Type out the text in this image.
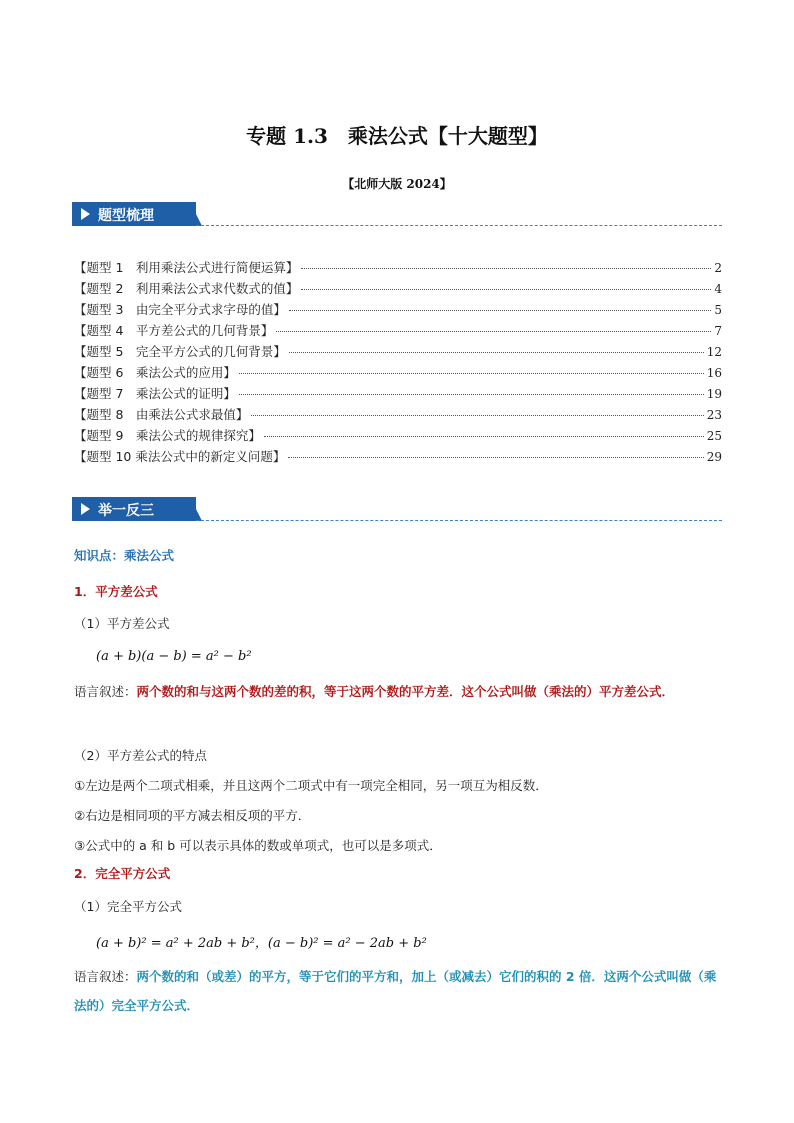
专题 1.3　乘法公式【十大题型】
【北师大版 2024】
题型梳理
【题型 1　利用乘法公式进行简便运算】	2
【题型 2　利用乘法公式求代数式的值】	4
【题型 3　由完全平分式求字母的值】	5
【题型 4　平方差公式的几何背景】	7
【题型 5　完全平方公式的几何背景】	12
【题型 6　乘法公式的应用】	16
【题型 7　乘法公式的证明】	19
【题型 8　由乘法公式求最值】	23
【题型 9　乘法公式的规律探究】	25
【题型 10 乘法公式中的新定义问题】	29
举一反三
知识点：乘法公式
1．平方差公式
（1）平方差公式
(a + b)(a − b) = a² − b²
语言叙述：两个数的和与这两个数的差的积，等于这两个数的平方差．这个公式叫做（乘法的）平方差公式．
（2）平方差公式的特点
①左边是两个二项式相乘，并且这两个二项式中有一项完全相同，另一项互为相反数．
②右边是相同项的平方减去相反项的平方．
③公式中的 a 和 b 可以表示具体的数或单项式，也可以是多项式．
2．完全平方公式
（1）完全平方公式
(a + b)² = a² + 2ab + b²，(a − b)² = a² − 2ab + b²
语言叙述：两个数的和（或差）的平方，等于它们的平方和，加上（或减去）它们的积的 2 倍．这两个公式叫做（乘法的）完全平方公式．
